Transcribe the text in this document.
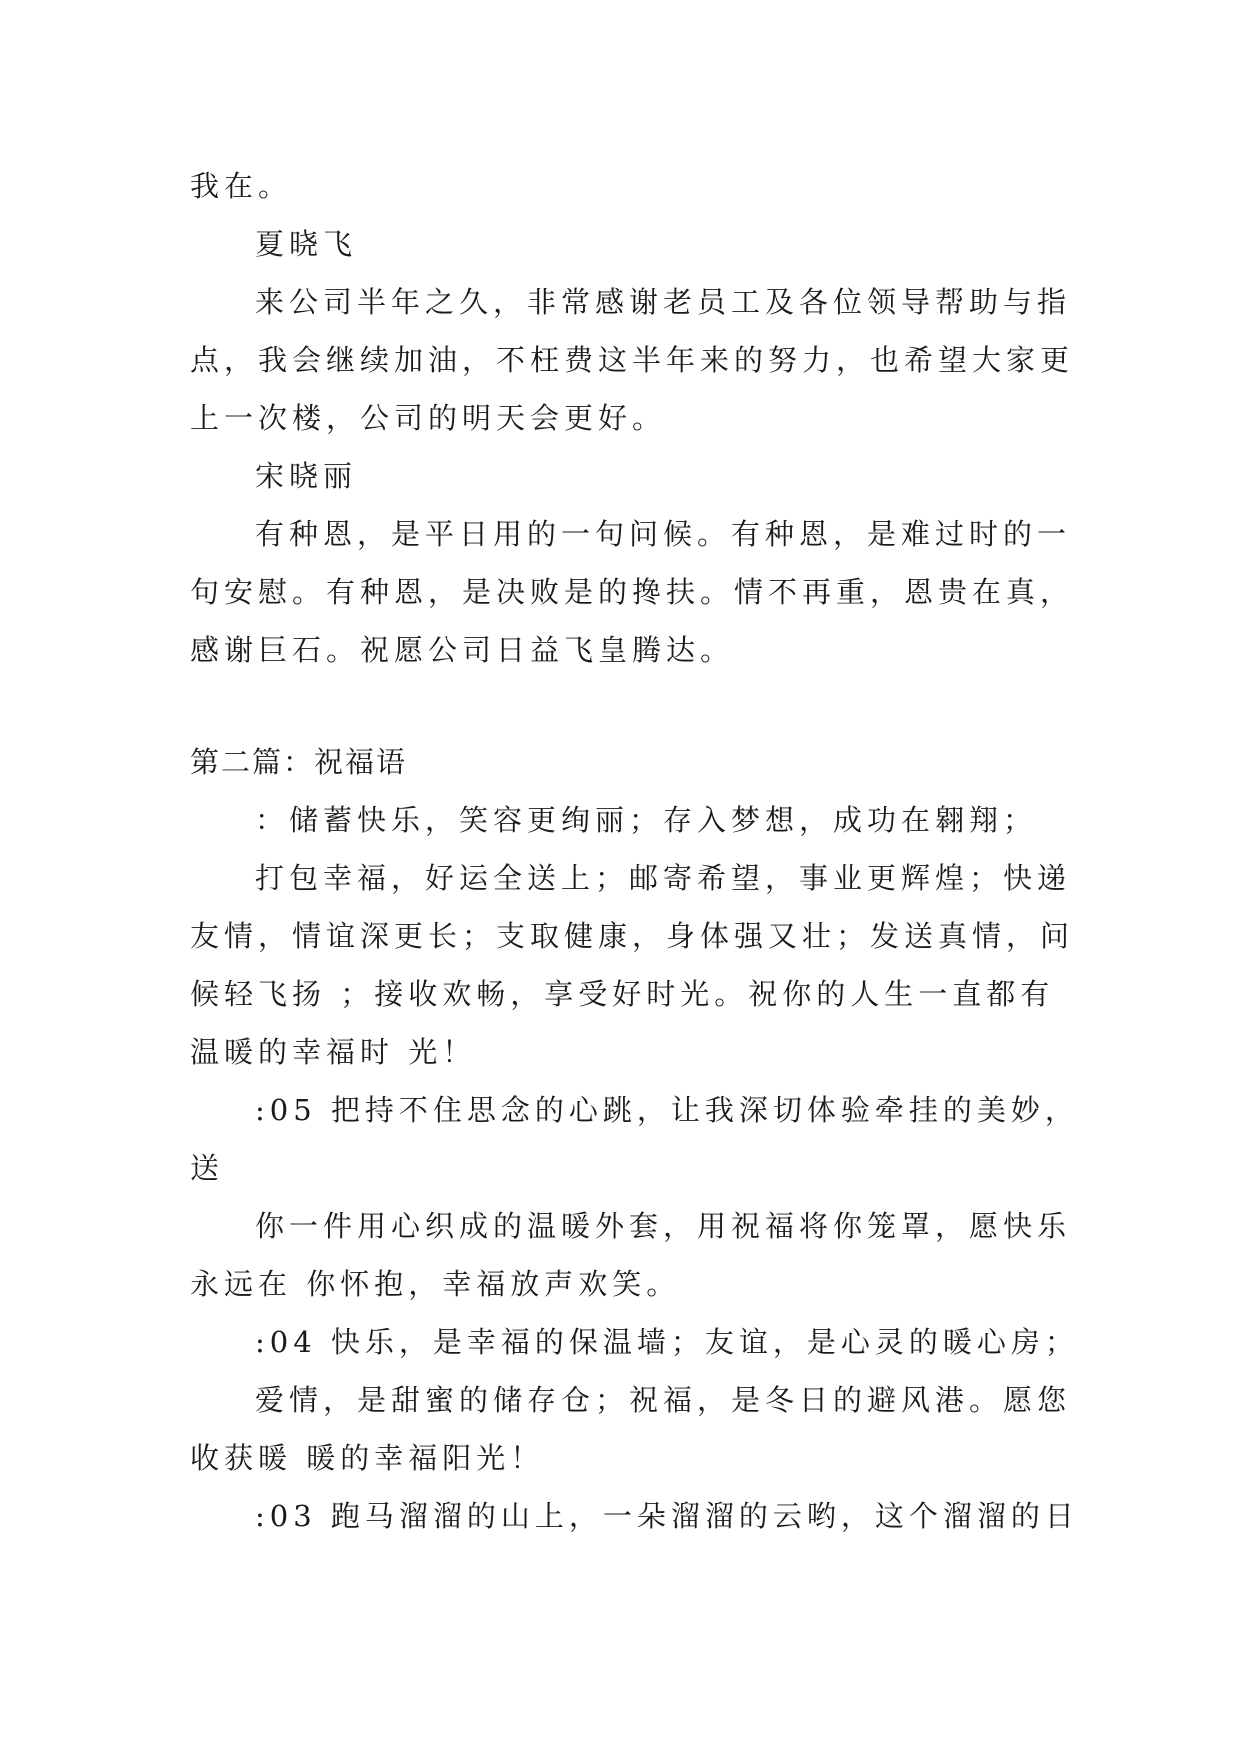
我在。
夏晓飞
来公司半年之久，非常感谢老员工及各位领导帮助与指
点，我会继续加油，不枉费这半年来的努力，也希望大家更
上一次楼，公司的明天会更好。
宋晓丽
有种恩，是平日用的一句问候。有种恩，是难过时的一
句安慰。有种恩，是决败是的搀扶。情不再重，恩贵在真，
感谢巨石。祝愿公司日益飞皇腾达。
第二篇：祝福语
：储蓄快乐，笑容更绚丽；存入梦想，成功在翱翔；
打包幸福，好运全送上；邮寄希望，事业更辉煌；快递
友情，情谊深更长；支取健康，身体强又壮；发送真情，问
候轻飞扬 ；接收欢畅，享受好时光。祝你的人生一直都有
温暖的幸福时 光！
:05 把持不住思念的心跳，让我深切体验牵挂的美妙，
送
你一件用心织成的温暖外套，用祝福将你笼罩，愿快乐
永远在 你怀抱，幸福放声欢笑。
:04 快乐，是幸福的保温墙；友谊，是心灵的暖心房；
爱情，是甜蜜的储存仓；祝福，是冬日的避风港。愿您
收获暖 暖的幸福阳光！
:03 跑马溜溜的山上，一朵溜溜的云哟，这个溜溜的日
